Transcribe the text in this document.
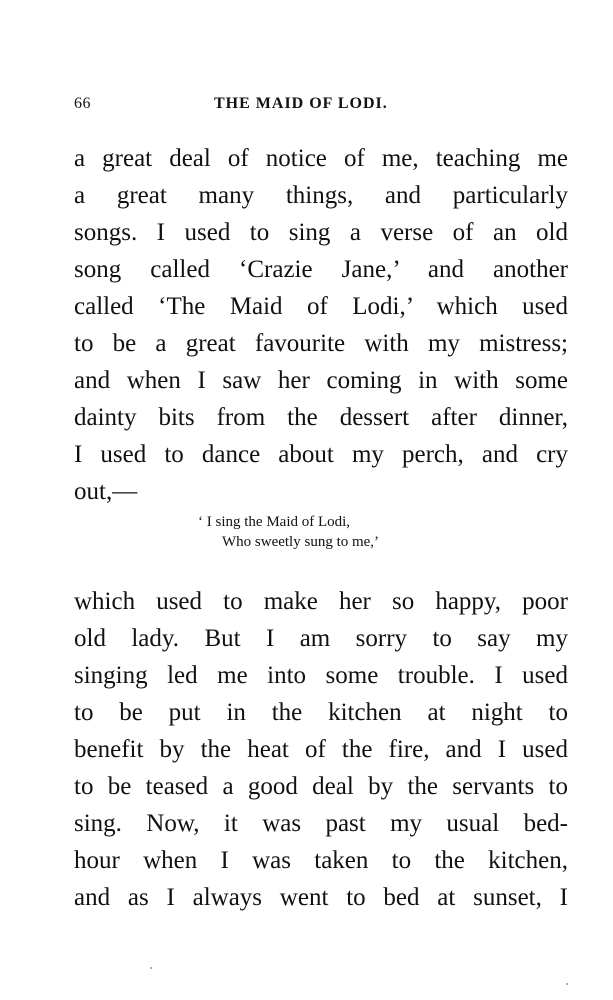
66	THE MAID OF LODI.
a great deal of notice of me, teaching me
a great many things, and particularly
songs. I used to sing a verse of an old
song called ‘Crazie Jane,’ and another
called ‘The Maid of Lodi,’ which used
to be a great favourite with my mistress;
and when I saw her coming in with some
dainty bits from the dessert after dinner,
I used to dance about my perch, and cry
out,—
‘ I sing the Maid of Lodi,
Who sweetly sung to me,’
which used to make her so happy, poor
old lady. But I am sorry to say my
singing led me into some trouble. I used
to be put in the kitchen at night to
benefit by the heat of the fire, and I used
to be teased a good deal by the servants to
sing. Now, it was past my usual bed-
hour when I was taken to the kitchen,
and as I always went to bed at sunset, I
